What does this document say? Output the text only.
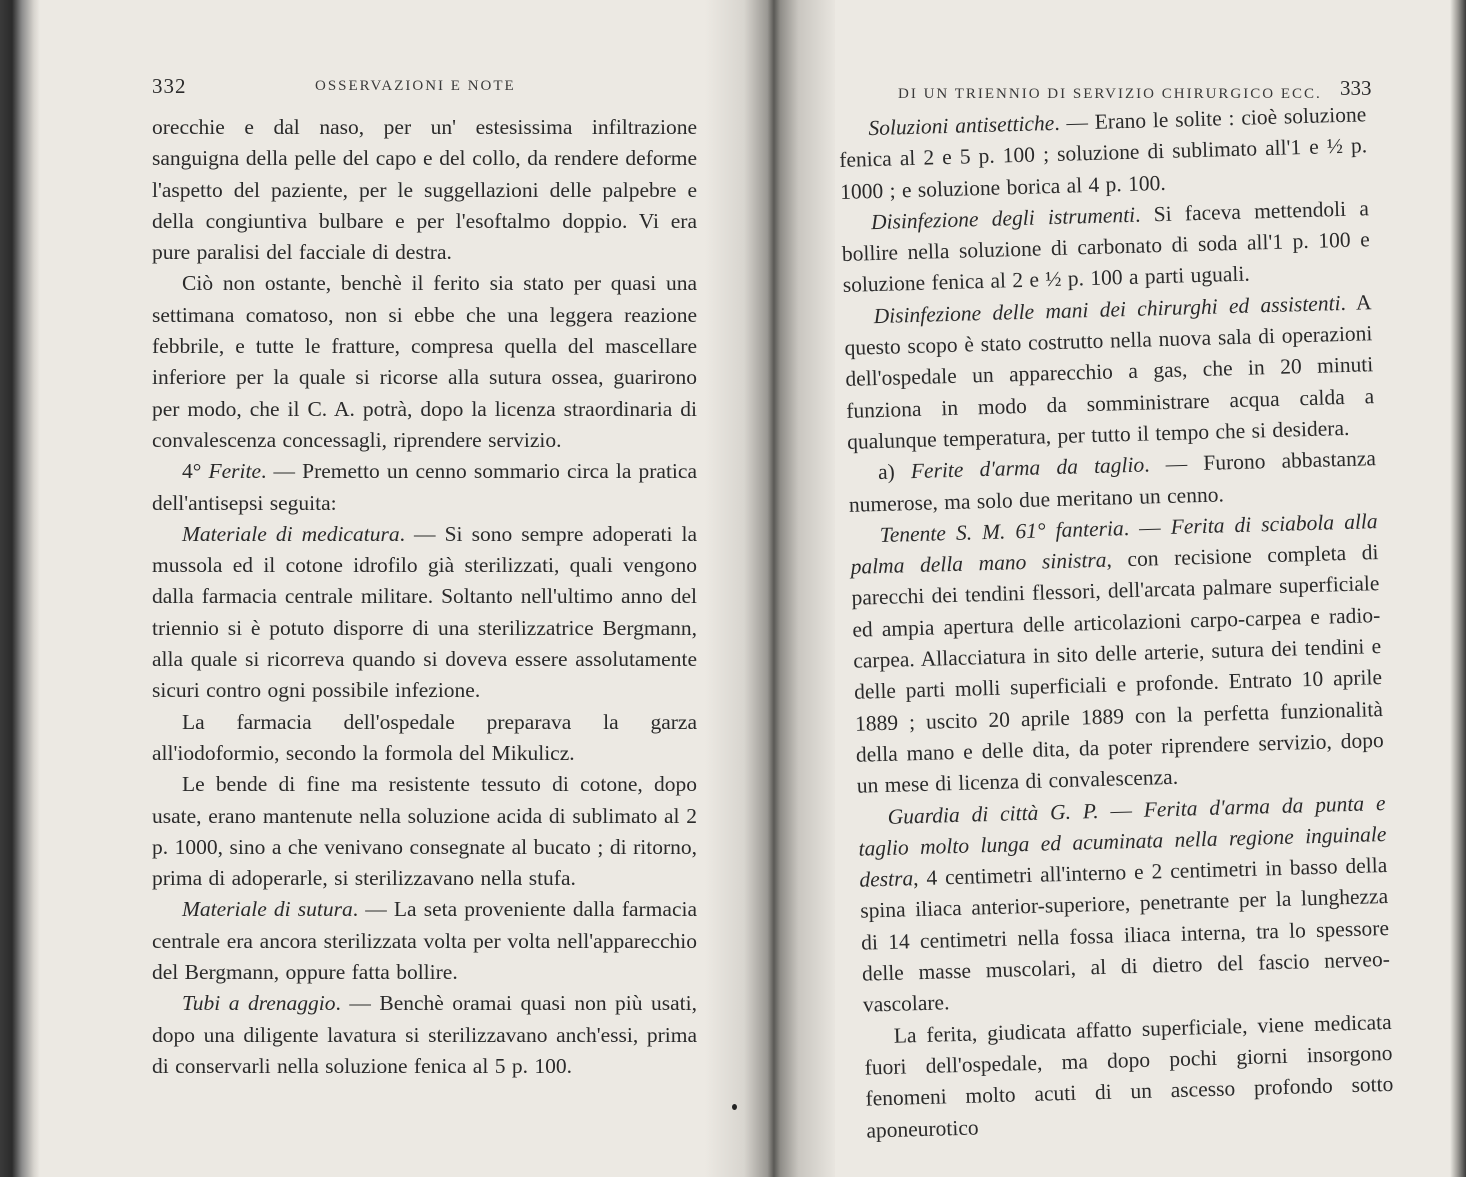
332	OSSERVAZIONI E NOTE

orecchie e dal naso, per un' estesissima infiltrazione sanguigna della pelle del capo e del collo, da rendere deforme l'aspetto del paziente, per le suggellazioni delle palpebre e della congiuntiva bulbare e per l'esoftalmo doppio. Vi era pure paralisi del facciale di destra.

Ciò non ostante, benchè il ferito sia stato per quasi una settimana comatoso, non si ebbe che una leggera reazione febbrile, e tutte le fratture, compresa quella del mascellare inferiore per la quale si ricorse alla sutura ossea, guarirono per modo, che il C. A. potrà, dopo la licenza straordinaria di convalescenza concessagli, riprendere servizio.

4° Ferite. — Premetto un cenno sommario circa la pratica dell'antisepsi seguita:

Materiale di medicatura. — Si sono sempre adoperati la mussola ed il cotone idrofilo già sterilizzati, quali vengono dalla farmacia centrale militare. Soltanto nell'ultimo anno del triennio si è potuto disporre di una sterilizzatrice Bergmann, alla quale si ricorreva quando si doveva essere assolutamente sicuri contro ogni possibile infezione.

La farmacia dell'ospedale preparava la garza all'iodoformio, secondo la formola del Mikulicz.

Le bende di fine ma resistente tessuto di cotone, dopo usate, erano mantenute nella soluzione acida di sublimato al 2 p. 1000, sino a che venivano consegnate al bucato ; di ritorno, prima di adoperarle, si sterilizzavano nella stufa.

Materiale di sutura. — La seta proveniente dalla farmacia centrale era ancora sterilizzata volta per volta nell'apparecchio del Bergmann, oppure fatta bollire.

Tubi a drenaggio. — Benchè oramai quasi non più usati, dopo una diligente lavatura si sterilizzavano anch'essi, prima di conservarli nella soluzione fenica al 5 p. 100.

DI UN TRIENNIO DI SERVIZIO CHIRURGICO ECC. 333

Soluzioni antisettiche. — Erano le solite : cioè soluzione fenica al 2 e 5 p. 100 ; soluzione di sublimato all'1 e ½ p. 1000 ; e soluzione borica al 4 p. 100.

Disinfezione degli istrumenti. Si faceva mettendoli a bollire nella soluzione di carbonato di soda all'1 p. 100 e soluzione fenica al 2 e ½ p. 100 a parti uguali.

Disinfezione delle mani dei chirurghi ed assistenti. A questo scopo è stato costrutto nella nuova sala di operazioni dell'ospedale un apparecchio a gas, che in 20 minuti funziona in modo da somministrare acqua calda a qualunque temperatura, per tutto il tempo che si desidera.

a) Ferite d'arma da taglio. — Furono abbastanza numerose, ma solo due meritano un cenno.

Tenente S. M. 61° fanteria. — Ferita di sciabola alla palma della mano sinistra, con recisione completa di parecchi dei tendini flessori, dell'arcata palmare superficiale ed ampia apertura delle articolazioni carpo-carpea e radio-carpea. Allacciatura in sito delle arterie, sutura dei tendini e delle parti molli superficiali e profonde. Entrato 10 aprile 1889 ; uscito 20 aprile 1889 con la perfetta funzionalità della mano e delle dita, da poter riprendere servizio, dopo un mese di licenza di convalescenza.

Guardia di città G. P. — Ferita d'arma da punta e taglio molto lunga ed acuminata nella regione inguinale destra, 4 centimetri all'interno e 2 centimetri in basso della spina iliaca anterior-superiore, penetrante per la lunghezza di 14 centimetri nella fossa iliaca interna, tra lo spessore delle masse muscolari, al di dietro del fascio nerveo-vascolare.

La ferita, giudicata affatto superficiale, viene medicata fuori dell'ospedale, ma dopo pochi giorni insorgono fenomeni molto acuti di un ascesso profondo sotto aponeurotico
